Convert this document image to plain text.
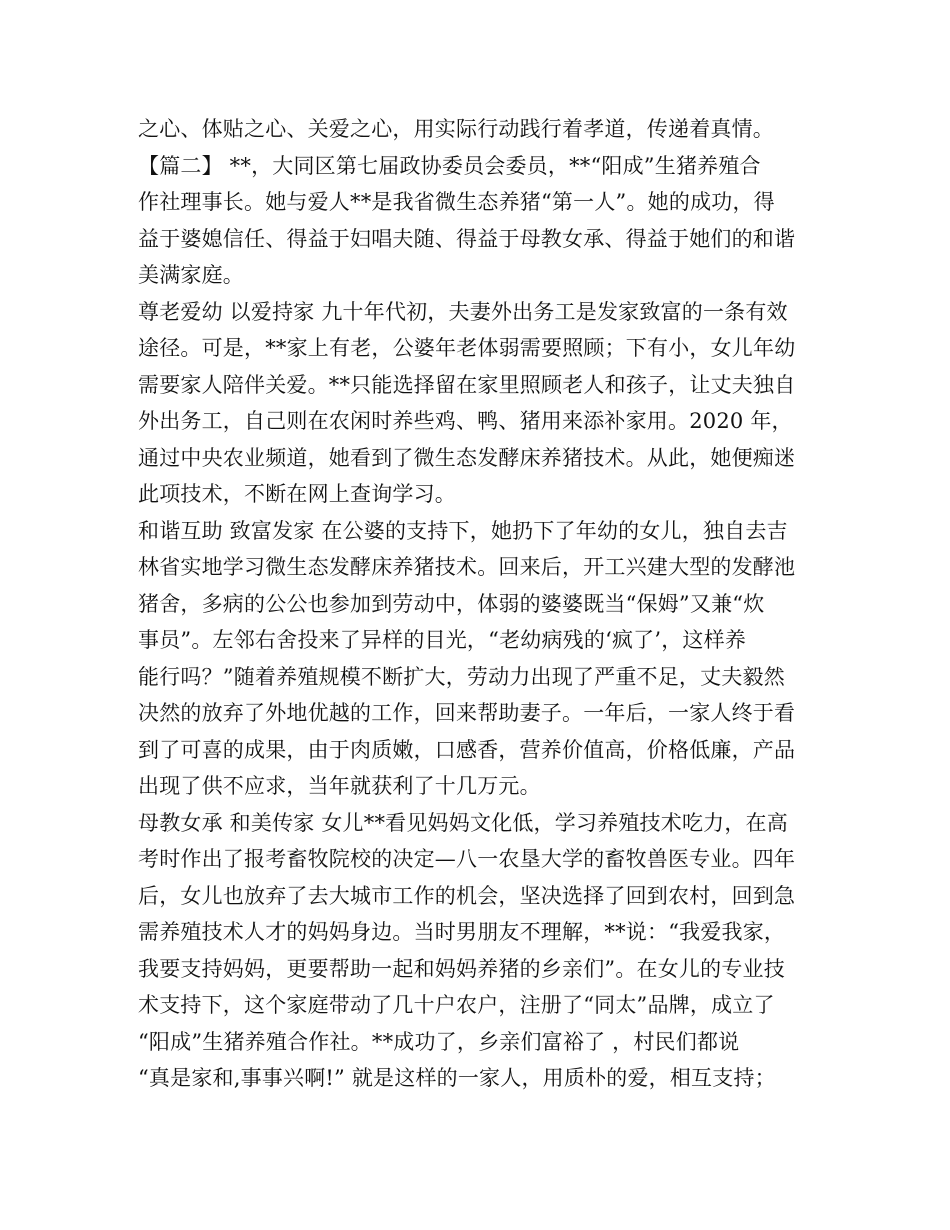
之心、体贴之心、关爱之心，用实际行动践行着孝道，传递着真情。
【篇二】 **，大同区第七届政协委员会委员，**“阳成”生猪养殖合
作社理事长。她与爱人**是我省微生态养猪“第一人”。她的成功，得
益于婆媳信任、得益于妇唱夫随、得益于母教女承、得益于她们的和谐
美满家庭。
尊老爱幼 以爱持家 九十年代初，夫妻外出务工是发家致富的一条有效
途径。可是，**家上有老，公婆年老体弱需要照顾；下有小，女儿年幼
需要家人陪伴关爱。**只能选择留在家里照顾老人和孩子，让丈夫独自
外出务工，自己则在农闲时养些鸡、鸭、猪用来添补家用。2020 年，
通过中央农业频道，她看到了微生态发酵床养猪技术。从此，她便痴迷
此项技术，不断在网上查询学习。
和谐互助 致富发家 在公婆的支持下，她扔下了年幼的女儿，独自去吉
林省实地学习微生态发酵床养猪技术。回来后，开工兴建大型的发酵池
猪舍，多病的公公也参加到劳动中，体弱的婆婆既当“保姆”又兼“炊
事员”。左邻右舍投来了异样的目光，“老幼病残的‘疯了’，这样养
能行吗？”随着养殖规模不断扩大，劳动力出现了严重不足，丈夫毅然
决然的放弃了外地优越的工作，回来帮助妻子。一年后，一家人终于看
到了可喜的成果，由于肉质嫩，口感香，营养价值高，价格低廉，产品
出现了供不应求，当年就获利了十几万元。
母教女承 和美传家 女儿**看见妈妈文化低，学习养殖技术吃力，在高
考时作出了报考畜牧院校的决定—八一农垦大学的畜牧兽医专业。四年
后，女儿也放弃了去大城市工作的机会，坚决选择了回到农村，回到急
需养殖技术人才的妈妈身边。当时男朋友不理解，**说：“我爱我家，
我要支持妈妈，更要帮助一起和妈妈养猪的乡亲们”。在女儿的专业技
术支持下，这个家庭带动了几十户农户，注册了“同太”品牌，成立了
“阳成”生猪养殖合作社。**成功了，乡亲们富裕了 ，村民们都说
“真是家和,事事兴啊!” 就是这样的一家人，用质朴的爱，相互支持；
